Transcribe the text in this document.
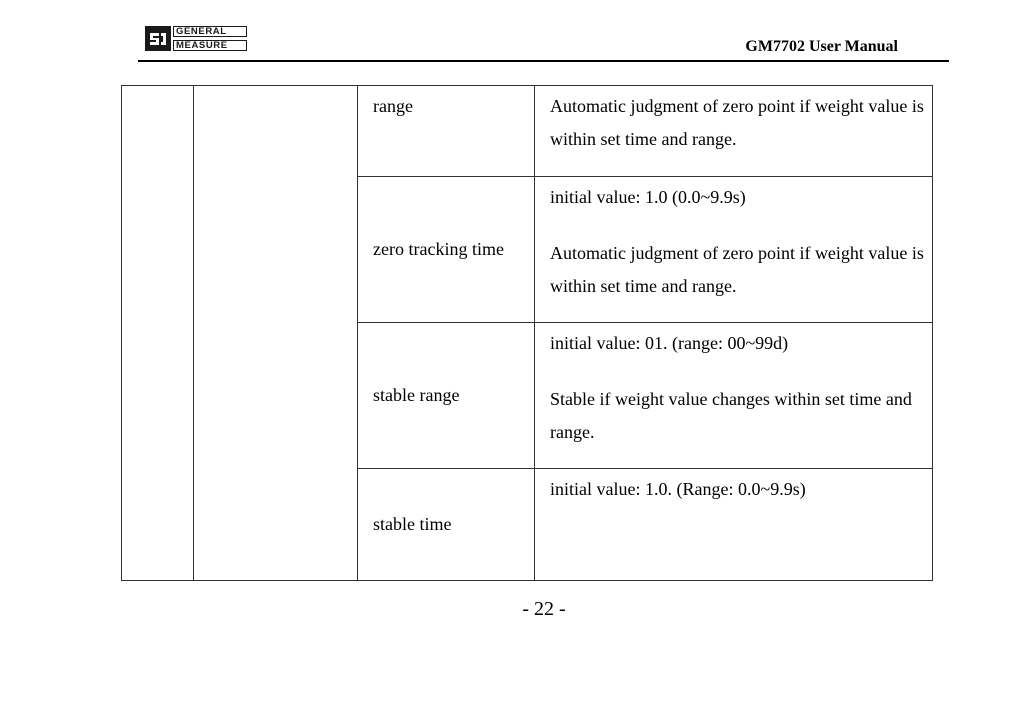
GENERAL
MEASURE	GM7702 User Manual
		range	Automatic judgment of zero point if weight value is within set time and range.

		zero tracking time	initial value: 1.0 (0.0~9.9s)
Automatic judgment of zero point if weight value is within set time and range.

		stable range	initial value: 01. (range: 00~99d)
Stable if weight value changes within set time and range.

		stable time	initial value: 1.0. (Range: 0.0~9.9s)
- 22 -
